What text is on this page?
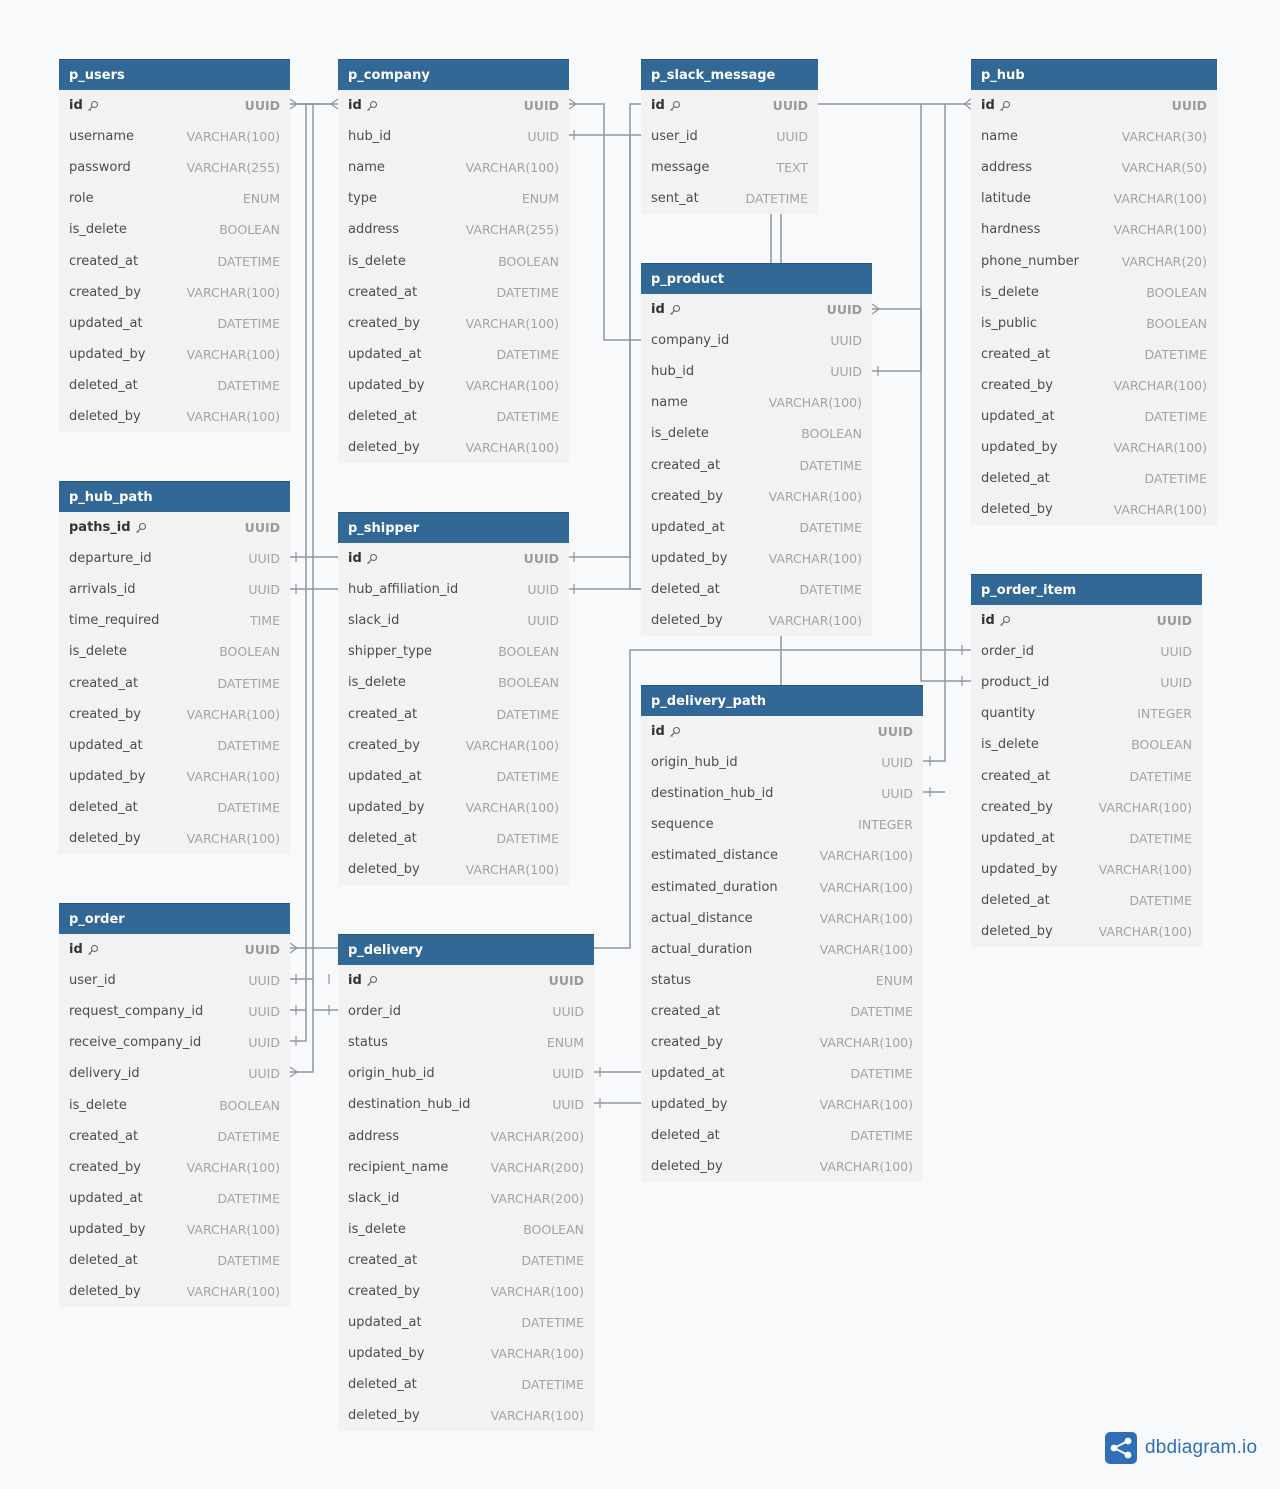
p_users
id	UUID
username	VARCHAR(100)
password	VARCHAR(255)
role	ENUM
is_delete	BOOLEAN
created_at	DATETIME
created_by	VARCHAR(100)
updated_at	DATETIME
updated_by	VARCHAR(100)
deleted_at	DATETIME
deleted_by	VARCHAR(100)
p_company
id	UUID
hub_id	UUID
name	VARCHAR(100)
type	ENUM
address	VARCHAR(255)
is_delete	BOOLEAN
created_at	DATETIME
created_by	VARCHAR(100)
updated_at	DATETIME
updated_by	VARCHAR(100)
deleted_at	DATETIME
deleted_by	VARCHAR(100)
p_slack_message
id	UUID
user_id	UUID
message	TEXT
sent_at	DATETIME
p_hub
id	UUID
name	VARCHAR(30)
address	VARCHAR(50)
latitude	VARCHAR(100)
hardness	VARCHAR(100)
phone_number	VARCHAR(20)
is_delete	BOOLEAN
is_public	BOOLEAN
created_at	DATETIME
created_by	VARCHAR(100)
updated_at	DATETIME
updated_by	VARCHAR(100)
deleted_at	DATETIME
deleted_by	VARCHAR(100)
p_product
id	UUID
company_id	UUID
hub_id	UUID
name	VARCHAR(100)
is_delete	BOOLEAN
created_at	DATETIME
created_by	VARCHAR(100)
updated_at	DATETIME
updated_by	VARCHAR(100)
deleted_at	DATETIME
deleted_by	VARCHAR(100)
p_hub_path
paths_id	UUID
departure_id	UUID
arrivals_id	UUID
time_required	TIME
is_delete	BOOLEAN
created_at	DATETIME
created_by	VARCHAR(100)
updated_at	DATETIME
updated_by	VARCHAR(100)
deleted_at	DATETIME
deleted_by	VARCHAR(100)
p_shipper
id	UUID
hub_affiliation_id	UUID
slack_id	UUID
shipper_type	BOOLEAN
is_delete	BOOLEAN
created_at	DATETIME
created_by	VARCHAR(100)
updated_at	DATETIME
updated_by	VARCHAR(100)
deleted_at	DATETIME
deleted_by	VARCHAR(100)
p_order_item
id	UUID
order_id	UUID
product_id	UUID
quantity	INTEGER
is_delete	BOOLEAN
created_at	DATETIME
created_by	VARCHAR(100)
updated_at	DATETIME
updated_by	VARCHAR(100)
deleted_at	DATETIME
deleted_by	VARCHAR(100)
p_delivery_path
id	UUID
origin_hub_id	UUID
destination_hub_id	UUID
sequence	INTEGER
estimated_distance	VARCHAR(100)
estimated_duration	VARCHAR(100)
actual_distance	VARCHAR(100)
actual_duration	VARCHAR(100)
status	ENUM
created_at	DATETIME
created_by	VARCHAR(100)
updated_at	DATETIME
updated_by	VARCHAR(100)
deleted_at	DATETIME
deleted_by	VARCHAR(100)
p_order
id	UUID
user_id	UUID
request_company_id	UUID
receive_company_id	UUID
delivery_id	UUID
is_delete	BOOLEAN
created_at	DATETIME
created_by	VARCHAR(100)
updated_at	DATETIME
updated_by	VARCHAR(100)
deleted_at	DATETIME
deleted_by	VARCHAR(100)
p_delivery
id	UUID
order_id	UUID
status	ENUM
origin_hub_id	UUID
destination_hub_id	UUID
address	VARCHAR(200)
recipient_name	VARCHAR(200)
slack_id	VARCHAR(200)
is_delete	BOOLEAN
created_at	DATETIME
created_by	VARCHAR(100)
updated_at	DATETIME
updated_by	VARCHAR(100)
deleted_at	DATETIME
deleted_by	VARCHAR(100)
dbdiagram.io
